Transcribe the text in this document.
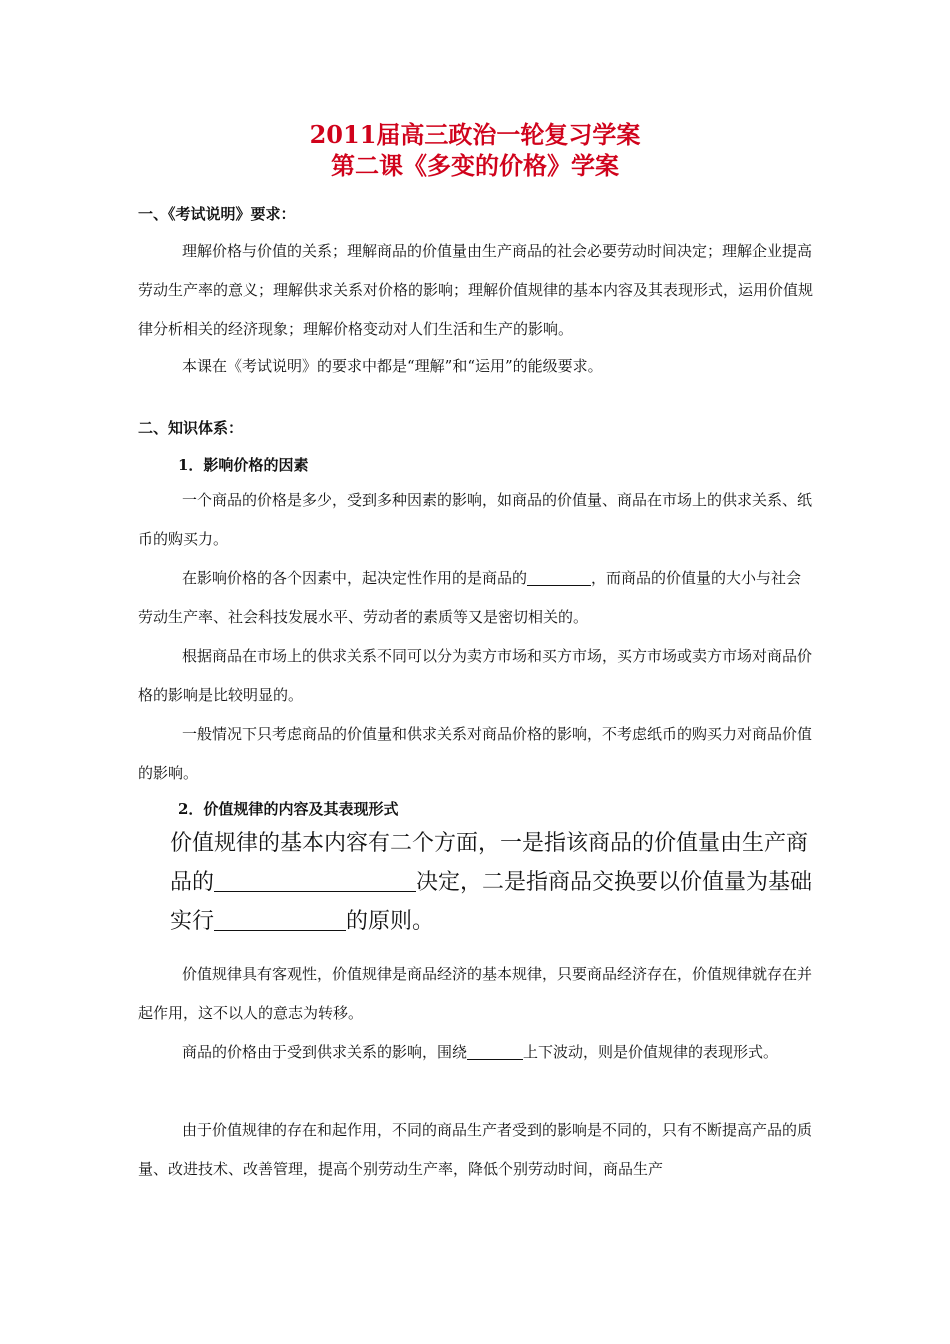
2011届高三政治一轮复习学案
第二课《多变的价格》学案
一、《考试说明》要求：

理解价格与价值的关系；理解商品的价值量由生产商品的社会必要劳动时间决定；理解企业提高劳动生产率的意义；理解供求关系对价格的影响；理解价值规律的基本内容及其表现形式，运用价值规律分析相关的经济现象；理解价格变动对人们生活和生产的影响。

本课在《考试说明》的要求中都是“理解”和“运用”的能级要求。

二、知识体系：
1．影响价格的因素

一个商品的价格是多少，受到多种因素的影响，如商品的价值量、商品在市场上的供求关系、纸币的购买力。

在影响价格的各个因素中，起决定性作用的是商品的	，而商品的价值量的大小与社会劳动生产率、社会科技发展水平、劳动者的素质等又是密切相关的。

根据商品在市场上的供求关系不同可以分为卖方市场和买方市场，买方市场或卖方市场对商品价格的影响是比较明显的。

一般情况下只考虑商品的价值量和供求关系对商品价格的影响，不考虑纸币的购买力对商品价值的影响。

2．价值规律的内容及其表现形式

价值规律的基本内容有二个方面，一是指该商品的价值量由生产商品的	决定，二是指商品交换要以价值量为基础实行	的原则。

价值规律具有客观性，价值规律是商品经济的基本规律，只要商品经济存在，价值规律就存在并起作用，这不以人的意志为转移。

商品的价格由于受到供求关系的影响，围绕	上下波动，则是价值规律的表现形式。

由于价值规律的存在和起作用，不同的商品生产者受到的影响是不同的，只有不断提高产品的质量、改进技术、改善管理，提高个别劳动生产率，降低个别劳动时间，商品生产
